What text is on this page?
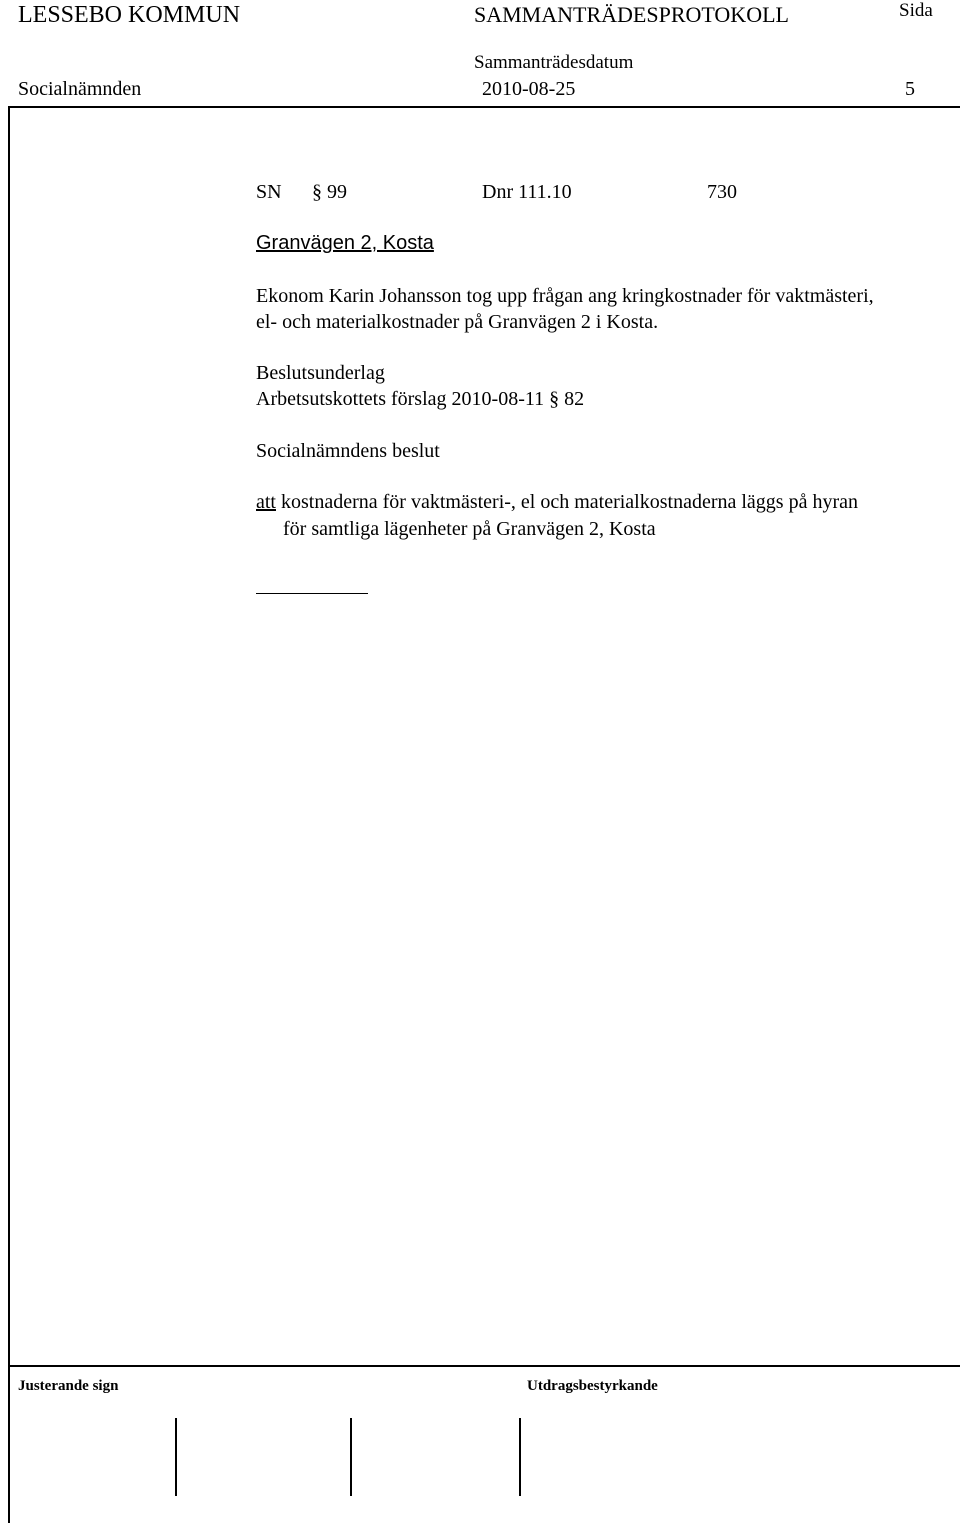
LESSEBO KOMMUN	SAMMANTRÄDESPROTOKOLL	Sida
Sammanträdesdatum
Socialnämnden	2010-08-25	5
SN § 99	Dnr 111.10	730
Granvägen 2, Kosta
Ekonom Karin Johansson tog upp frågan ang kringkostnader för vaktmästeri,
el- och materialkostnader på Granvägen 2 i Kosta.
Beslutsunderlag
Arbetsutskottets förslag 2010-08-11 § 82
Socialnämndens beslut
att kostnaderna för vaktmästeri-, el och materialkostnaderna läggs på hyran
för samtliga lägenheter på Granvägen 2, Kosta
Justerande sign	Utdragsbestyrkande
